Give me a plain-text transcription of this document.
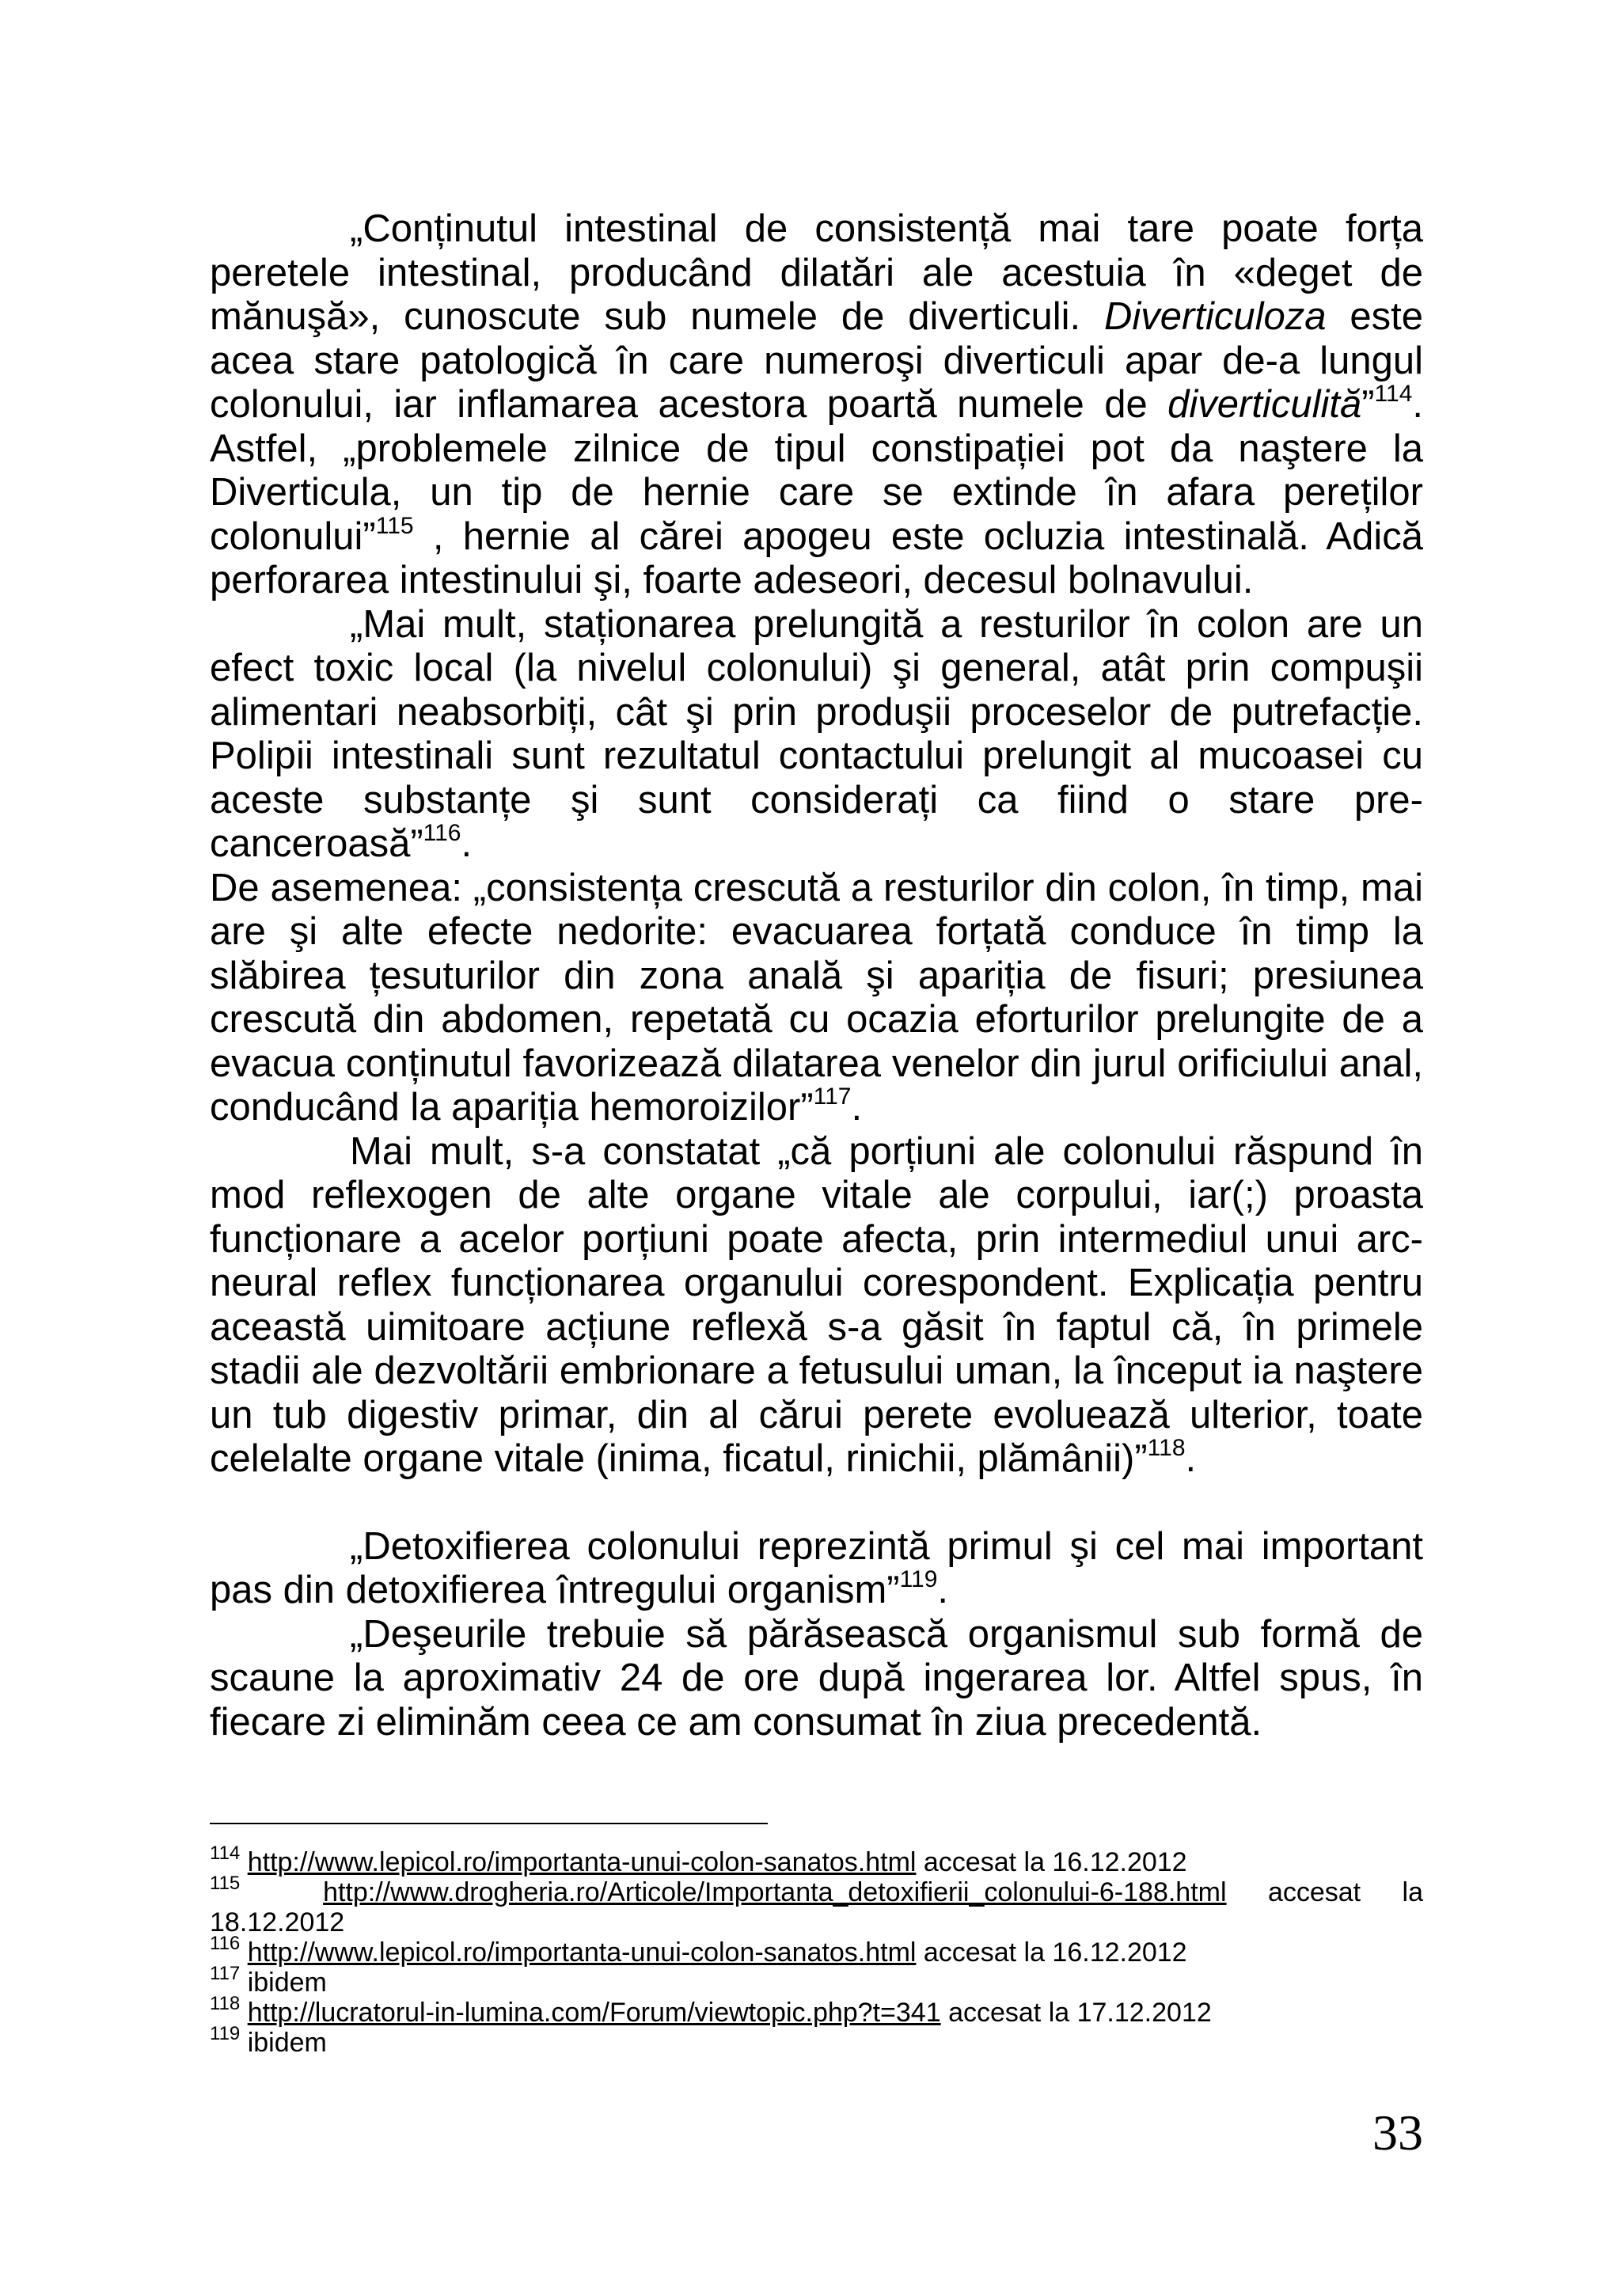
„Conținutul intestinal de consistență mai tare poate forța peretele intestinal, producând dilatări ale acestuia în «deget de mănuşă», cunoscute sub numele de diverticuli. Diverticuloza este acea stare patologică în care numeroşi diverticuli apar de-a lungul colonului, iar inflamarea acestora poartă numele de diverticulită”$^{114}$. Astfel, „problemele zilnice de tipul constipației pot da naştere la Diverticula, un tip de hernie care se extinde în afara pereților colonului”$^{115}$ , hernie al cărei apogeu este ocluzia intestinală. Adică perforarea intestinului şi, foarte adeseori, decesul bolnavului.

„Mai mult, staționarea prelungită a resturilor în colon are un efect toxic local (la nivelul colonului) şi general, atât prin compuşii alimentari neabsorbiți, cât şi prin produşii proceselor de putrefacție. Polipii intestinali sunt rezultatul contactului prelungit al mucoasei cu aceste substanțe şi sunt considerați ca fiind o stare pre-canceroasă”$^{116}$.

De asemenea: „consistența crescută a resturilor din colon, în timp, mai are şi alte efecte nedorite: evacuarea forțată conduce în timp la slăbirea țesuturilor din zona anală şi apariția de fisuri; presiunea crescută din abdomen, repetată cu ocazia eforturilor prelungite de a evacua conținutul favorizează dilatarea venelor din jurul orificiului anal, conducând la apariția hemoroizilor”$^{117}$.

Mai mult, s-a constatat „că porțiuni ale colonului răspund în mod reflexogen de alte organe vitale ale corpului, iar(;) proasta funcționare a acelor porțiuni poate afecta, prin intermediul unui arc-neural reflex funcționarea organului corespondent. Explicația pentru această uimitoare acțiune reflexă s-a găsit în faptul că, în primele stadii ale dezvoltării embrionare a fetusului uman, la început ia naştere un tub digestiv primar, din al cărui perete evoluează ulterior, toate celelalte organe vitale (inima, ficatul, rinichii, plămânii)”$^{118}$.

„Detoxifierea colonului reprezintă primul şi cel mai important pas din detoxifierea întregului organism”$^{119}$.

„Deşeurile trebuie să părăsească organismul sub formă de scaune la aproximativ 24 de ore după ingerarea lor. Altfel spus, în fiecare zi eliminăm ceea ce am consumat în ziua precedentă.

$^{114}$ http://www.lepicol.ro/importanta-unui-colon-sanatos.html accesat la 16.12.2012

$^{115}$	http://www.drogheria.ro/Articole/Importanta_detoxifierii_colonului-6-188.html accesat la 18.12.2012

$^{116}$ http://www.lepicol.ro/importanta-unui-colon-sanatos.html accesat la 16.12.2012

$^{117}$ ibidem

$^{118}$ http://lucratorul-in-lumina.com/Forum/viewtopic.php?t=341 accesat la 17.12.2012

$^{119}$ ibidem

33
